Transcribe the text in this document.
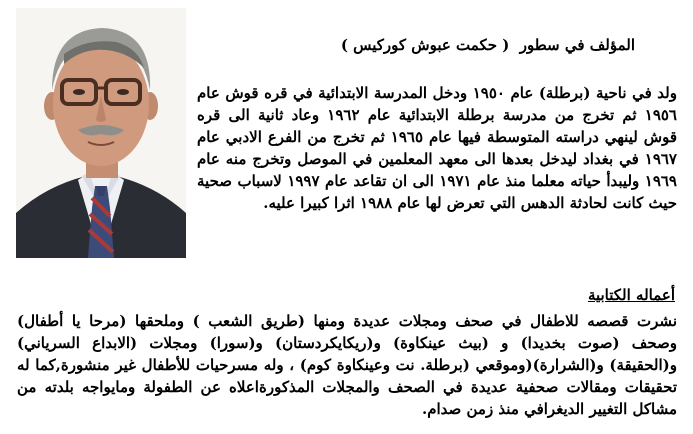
المؤلف في سطور  ( حكمت عبوش كوركيس )
ولد في ناحية (برطلة) عام ١٩٥٠ ودخل المدرسة الابتدائية في قره قوش عام ١٩٥٦ ثم تخرج من مدرسة برطلة الابتدائية عام ١٩٦٢ وعاد ثانية الى قره قوش لينهي دراسته المتوسطة فيها عام ١٩٦٥ ثم تخرج من الفرع الادبي عام ١٩٦٧ في بغداد ليدخل بعدها الى معهد المعلمين في الموصل وتخرج منه عام ١٩٦٩ وليبدأ حياته معلما منذ عام ١٩٧١ الى ان تقاعد عام ١٩٩٧ لاسباب صحية حيث كانت لحادثة الدهس التي تعرض لها عام ١٩٨٨ اثرا كبيرا عليه.
أعماله الكتابية
نشرت قصصه للاطفال في صحف ومجلات عديدة ومنها (طريق الشعب ) وملحقها (مرحا يا أطفال) وصحف (صوت بخديدا) و (بيث عينكاوة) و(ريكايكردستان) و(سورا) ومجلات (الابداع السرياني) و(الحقيقة) و(الشرارة)(وموقعي (برطلة. نت وعينكاوة كوم) ، وله مسرحيات للأطفال غير منشورة,كما له تحقيقات ومقالات صحفية عديدة في الصحف والمجلات المذكورةاعلاه عن الطفولة ومايواجه بلدته من مشاكل التغيير الديغرافي منذ زمن صدام.
